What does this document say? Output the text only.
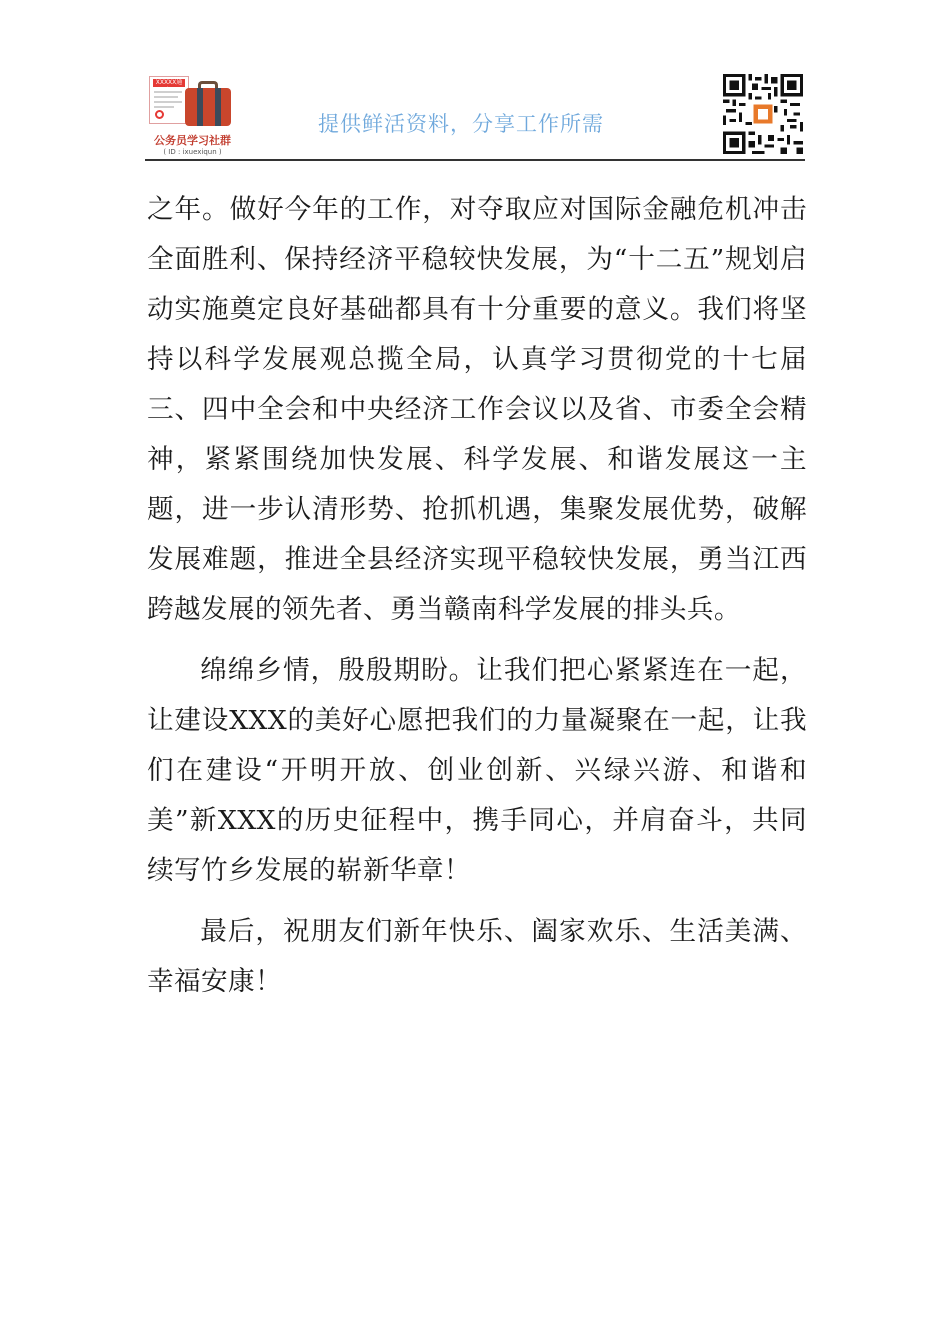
XXXXX通
公务员学习社群
( ID : ixuexiqun )
提供鲜活资料，分享工作所需

之年。做好今年的工作，对夺取应对国际金融危机冲击全面胜利、保持经济平稳较快发展，为“十二五”规划启动实施奠定良好基础都具有十分重要的意义。我们将坚持以科学发展观总揽全局，认真学习贯彻党的十七届三、四中全会和中央经济工作会议以及省、市委全会精神，紧紧围绕加快发展、科学发展、和谐发展这一主题，进一步认清形势、抢抓机遇，集聚发展优势，破解发展难题，推进全县经济实现平稳较快发展，勇当江西跨越发展的领先者、勇当赣南科学发展的排头兵。

绵绵乡情，殷殷期盼。让我们把心紧紧连在一起，让建设XXX的美好心愿把我们的力量凝聚在一起，让我们在建设“开明开放、创业创新、兴绿兴游、和谐和美”新XXX的历史征程中，携手同心，并肩奋斗，共同续写竹乡发展的崭新华章！

最后，祝朋友们新年快乐、阖家欢乐、生活美满、幸福安康！
